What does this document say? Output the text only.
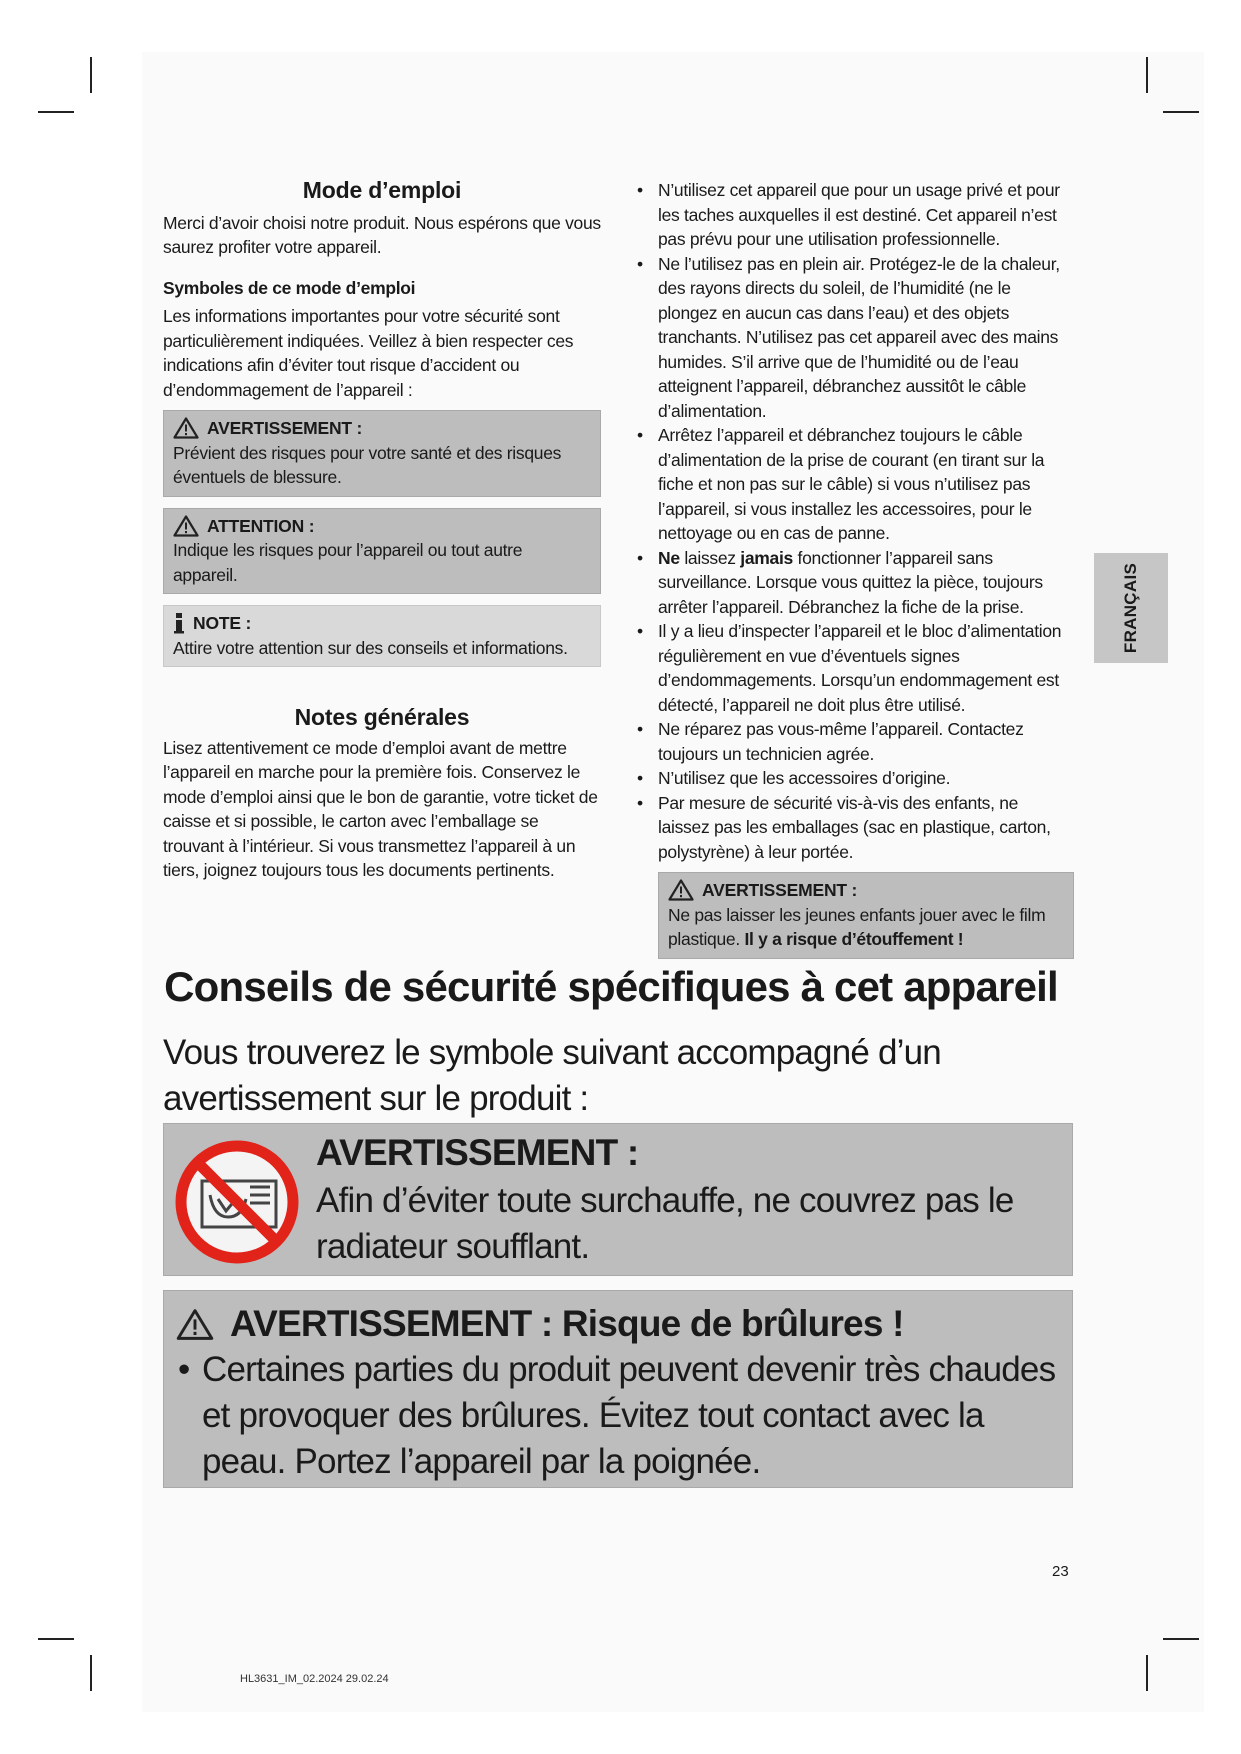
Mode d’emploi

Merci d’avoir choisi notre produit. Nous espérons que vous saurez profiter votre appareil.

Symboles de ce mode d’emploi

Les informations importantes pour votre sécurité sont particulièrement indiquées. Veillez à bien respecter ces indications afin d’éviter tout risque d’accident ou d’endommagement de l’appareil :

AVERTISSEMENT :
Prévient des risques pour votre santé et des risques éventuels de blessure.
ATTENTION :
Indique les risques pour l’appareil ou tout autre appareil.
NOTE :
Attire votre attention sur des conseils et informations.

Notes générales

Lisez attentivement ce mode d’emploi avant de mettre l’appareil en marche pour la première fois. Conservez le mode d’emploi ainsi que le bon de garantie, votre ticket de caisse et si possible, le carton avec l’emballage se trouvant à l’intérieur. Si vous transmettez l’appareil à un tiers, joignez toujours tous les documents pertinents.

• N’utilisez cet appareil que pour un usage privé et pour les taches auxquelles il est destiné. Cet appareil n’est pas prévu pour une utilisation professionnelle.
• Ne l’utilisez pas en plein air. Protégez-le de la chaleur, des rayons directs du soleil, de l’humidité (ne le plongez en aucun cas dans l’eau) et des objets tranchants. N’utilisez pas cet appareil avec des mains humides. S’il arrive que de l’humidité ou de l’eau atteignent l’appareil, débranchez aussitôt le câble d’alimentation.
• Arrêtez l’appareil et débranchez toujours le câble d’alimentation de la prise de courant (en tirant sur la fiche et non pas sur le câble) si vous n’utilisez pas l’appareil, si vous installez les accessoires, pour le nettoyage ou en cas de panne.
• Ne laissez jamais fonctionner l’appareil sans surveillance. Lorsque vous quittez la pièce, toujours arrêter l’appareil. Débranchez la fiche de la prise.
• Il y a lieu d’inspecter l’appareil et le bloc d’alimentation régulièrement en vue d’éventuels signes d’endommagements. Lorsqu’un endommagement est détecté, l’appareil ne doit plus être utilisé.
• Ne réparez pas vous-même l’appareil. Contactez toujours un technicien agrée.
• N’utilisez que les accessoires d’origine.
• Par mesure de sécurité vis-à-vis des enfants, ne laissez pas les emballages (sac en plastique, carton, polystyrène) à leur portée.
AVERTISSEMENT :
Ne pas laisser les jeunes enfants jouer avec le film plastique. Il y a risque d’étouffement !
FRANÇAIS
Conseils de sécurité spécifiques à cet appareil

Vous trouverez le symbole suivant accompagné d’un avertissement sur le produit :

AVERTISSEMENT :
Afin d’éviter toute surchauffe, ne couvrez pas le radiateur soufflant.
AVERTISSEMENT : Risque de brûlures !
• Certaines parties du produit peuvent devenir très chaudes et provoquer des brûlures. Évitez tout contact avec la peau. Portez l’appareil par la poignée.
23
HL3631_IM_02.2024 29.02.24
